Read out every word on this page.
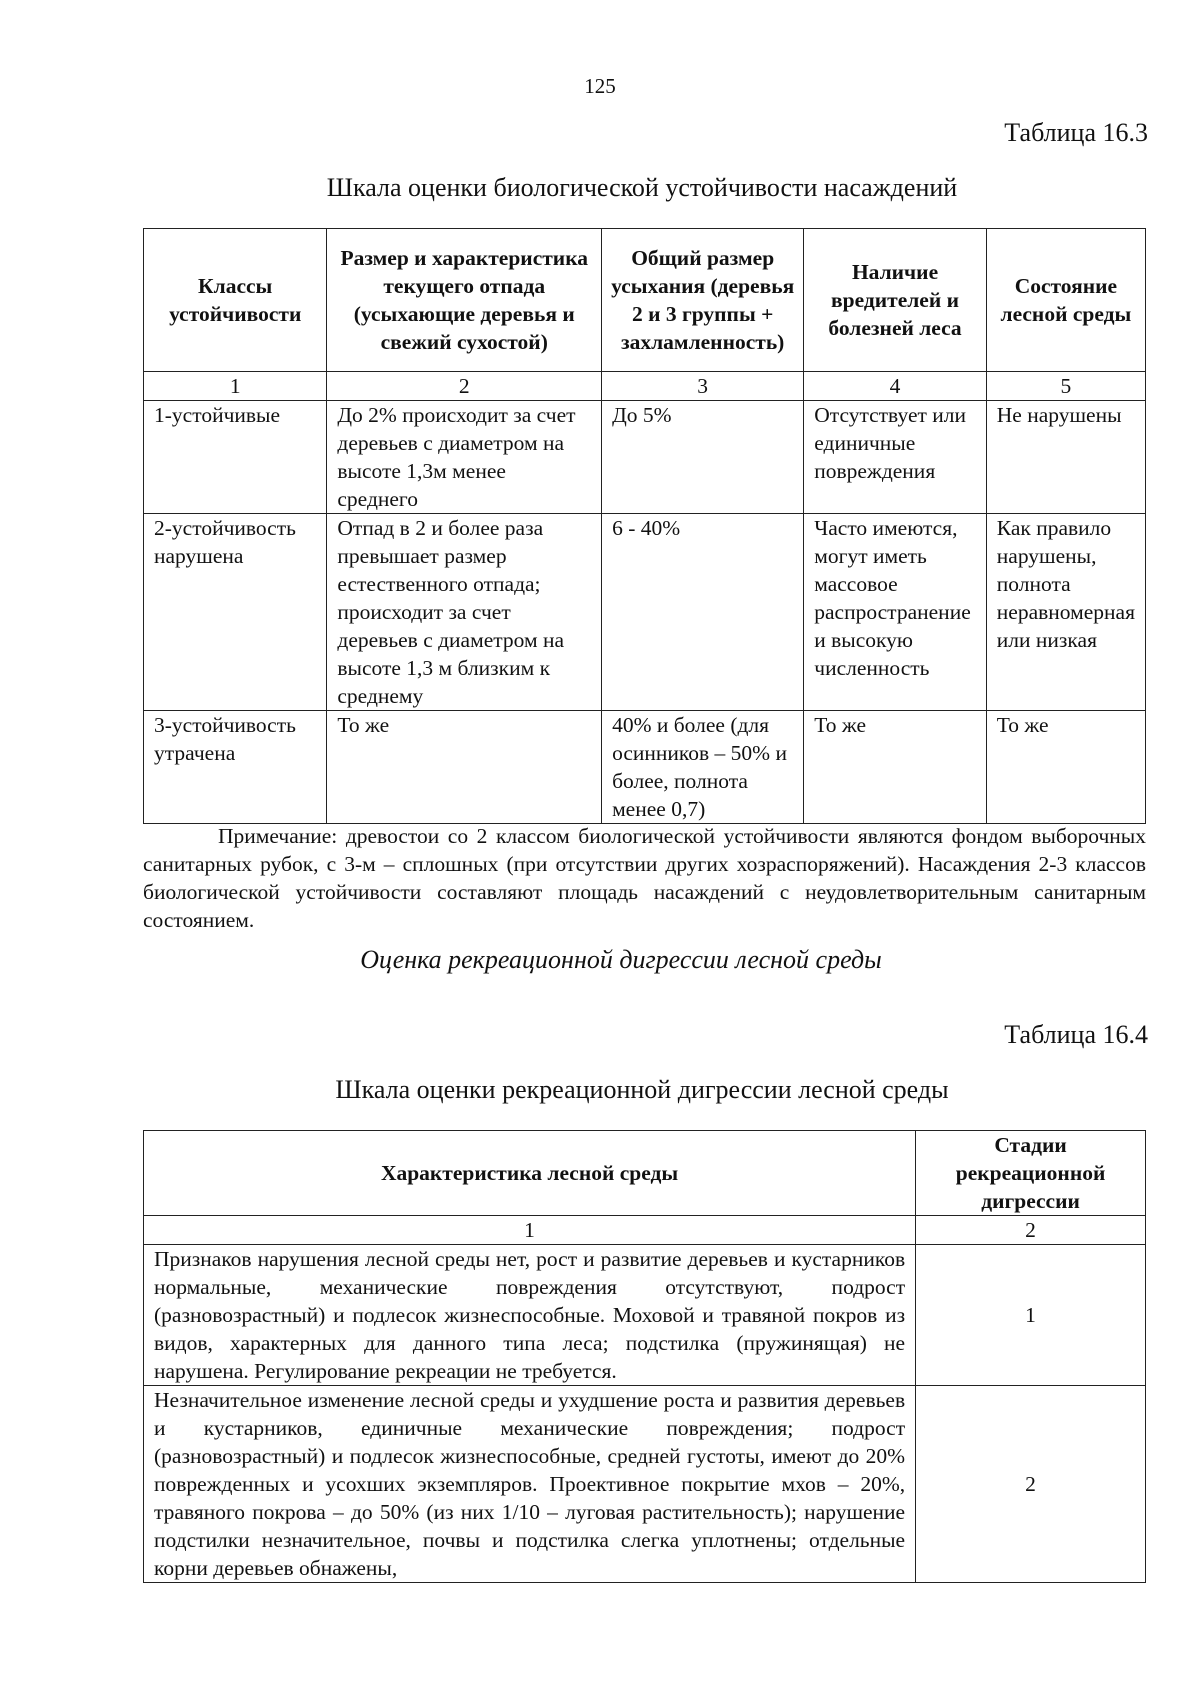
125
Таблица 16.3
Шкала оценки биологической устойчивости насаждений
Классы устойчивости	Размер и характеристика текущего отпада (усыхающие деревья и свежий сухостой)	Общий размер усыхания (деревья 2 и 3 группы + захламленность)	Наличие вредителей и болезней леса	Состояние лесной среды
1	2	3	4	5
1-устойчивые	До 2% происходит за счет деревьев с диаметром на высоте 1,3м менее среднего	До 5%	Отсутствует или единичные повреждения	Не нарушены
2-устойчивость нарушена	Отпад в 2 и более раза превышает размер естественного отпада; происходит за счет деревьев с диаметром на высоте 1,3 м близким к среднему	6 - 40%	Часто имеются, могут иметь массовое распространение и высокую численность	Как правило нарушены, полнота неравномерная или низкая
3-устойчивость утрачена	То же	40% и более (для осинников – 50% и более, полнота менее 0,7)	То же	То же
Примечание: древостои со 2 классом биологической устойчивости являются фондом выборочных санитарных рубок, с 3-м – сплошных (при отсутствии других хозраспоряжений). Насаждения 2-3 классов биологической устойчивости составляют площадь насаждений с неудовлетворительным санитарным состоянием.
Оценка рекреационной дигрессии лесной среды
Таблица 16.4
Шкала оценки рекреационной дигрессии лесной среды
Характеристика лесной среды	Стадии рекреационной дигрессии
1	2
Признаков нарушения лесной среды нет, рост и развитие деревьев и кустарников нормальные, механические повреждения отсутствуют, подрост (разновозрастный) и подлесок жизнеспособные. Моховой и травяной покров из видов, характерных для данного типа леса; подстилка (пружинящая) не нарушена. Регулирование рекреации не требуется.	1
Незначительное изменение лесной среды и ухудшение роста и развития деревьев и кустарников, единичные механические повреждения; подрост (разновозрастный) и подлесок жизнеспособные, средней густоты, имеют до 20% поврежденных и усохших экземпляров. Проективное покрытие мхов – 20%, травяного покрова – до 50% (из них 1/10 – луговая растительность); нарушение подстилки незначительное, почвы и подстилка слегка уплотнены; отдельные корни деревьев обнажены,	2
